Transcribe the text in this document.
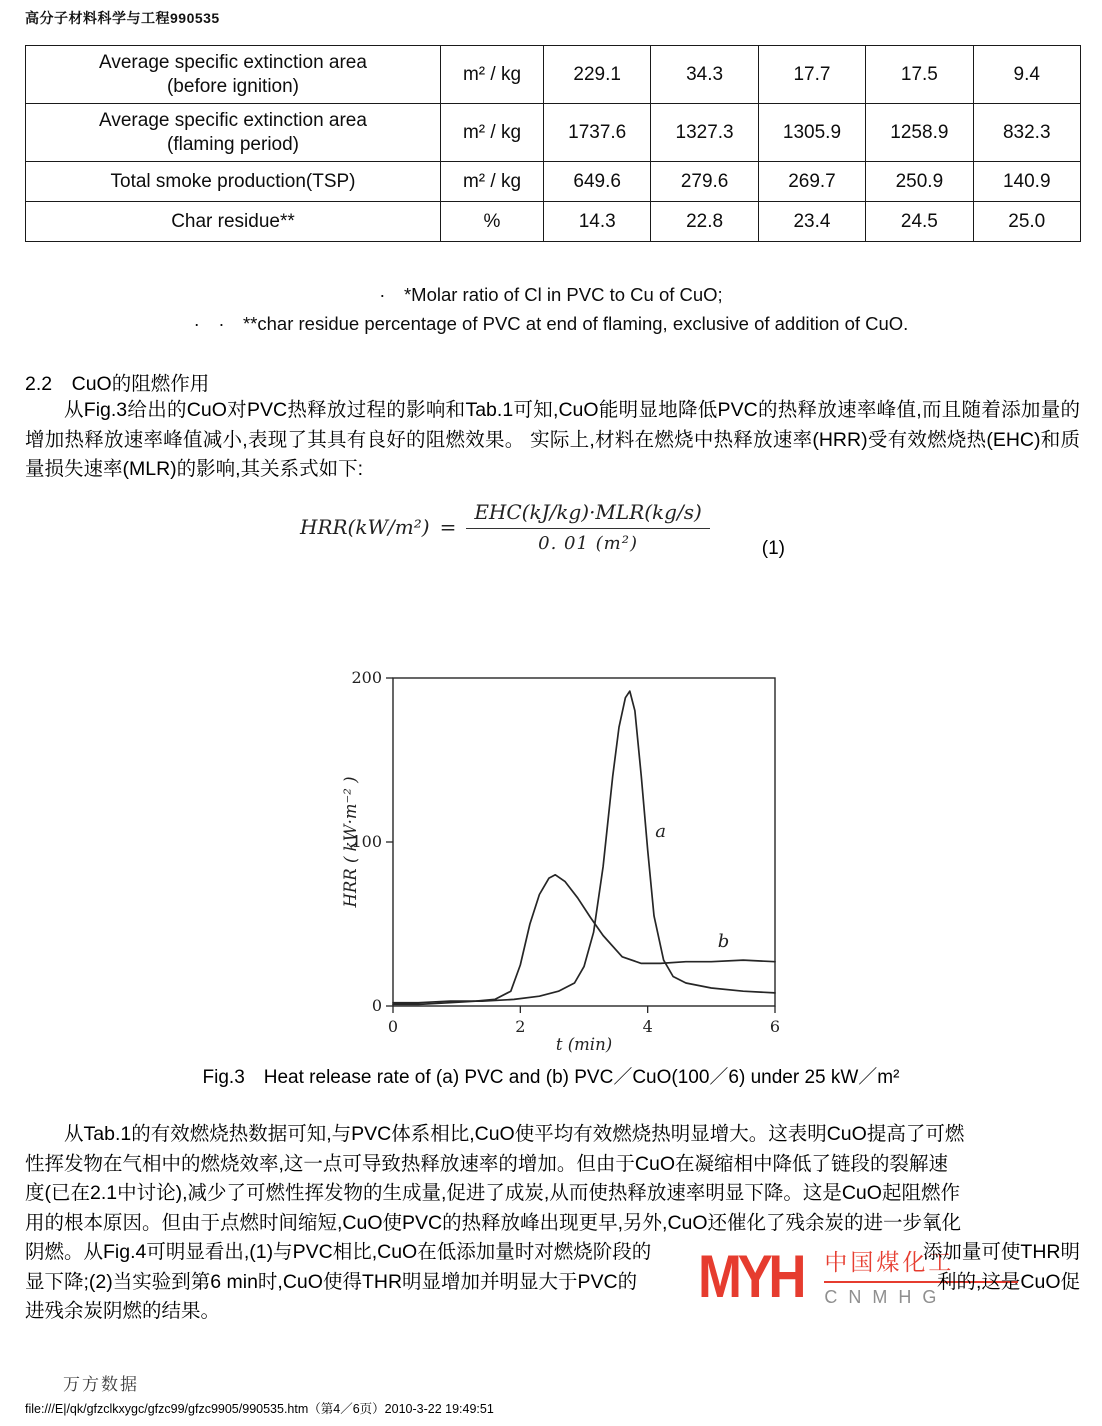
高分子材料科学与工程990535
Average specific extinction area
(before ignition)	m² / kg	229.1	34.3	17.7	17.5	9.4
Average specific extinction area
(flaming period)	m² / kg	1737.6	1327.3	1305.9	1258.9	832.3
Total smoke production(TSP)	m² / kg	649.6	279.6	269.7	250.9	140.9
Char residue**	%	14.3	22.8	23.4	24.5	25.0
·　*Molar ratio of Cl in PVC to Cu of CuO;
·　·　**char residue percentage of PVC at end of flaming, exclusive of addition of CuO.
2.2　CuO的阻燃作用
从Fig.3给出的CuO对PVC热释放过程的影响和Tab.1可知,CuO能明显地降低PVC的热释放速率峰值,而且随着添加量的增加热释放速率峰值减小,表现了其具有良好的阻燃效果。 实际上,材料在燃烧中热释放速率(HRR)受有效燃烧热(EHC)和质量损失速率(MLR)的影响,其关系式如下:
$HRR(kW/m^2) = \frac{\text{EHC(kJ/kg)·MLR(kg/s)}}{\text{0. 01 (m²)}}$	(1)
0	2	4	6
0
100
200
a
b
t (min)
HRR ( kW·m⁻² )
Fig.3　Heat release rate of (a) PVC and (b) PVC／CuO(100／6) under 25 kW／m²
从Tab.1的有效燃烧热数据可知,与PVC体系相比,CuO使平均有效燃烧热明显增大。这表明CuO提高了可燃
性挥发物在气相中的燃烧效率,这一点可导致热释放速率的增加。但由于CuO在凝缩相中降低了链段的裂解速
度(已在2.1中讨论),减少了可燃性挥发物的生成量,促进了成炭,从而使热释放速率明显下降。这是CuO起阻燃作
用的根本原因。但由于点燃时间缩短,CuO使PVC的热释放峰出现更早,另外,CuO还催化了残余炭的进一步氧化
阴燃。从Fig.4可明显看出,(1)与PVC相比,CuO在低添加量时对燃烧阶段的	添加量可使THR明
显下降;(2)当实验到第6 min时,CuO使得THR明显增加并明显大于PVC的	利的,这是CuO促
进残余炭阴燃的结果。
MYH 中国煤化工
CNMHG
万方数据
file:///E|/qk/gfzclkxygc/gfzc99/gfzc9905/990535.htm（第4／6页）2010-3-22 19:49:51
